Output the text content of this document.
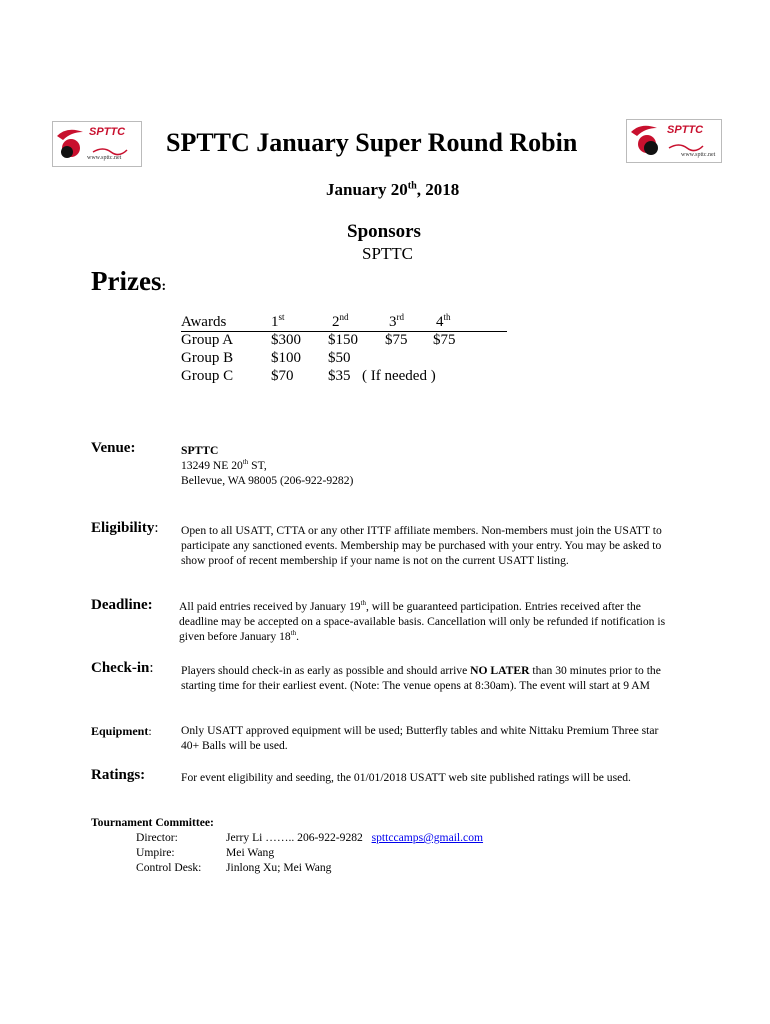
SPTTC
www.spttc.net
SPTTC
www.spttc.net
SPTTC January Super Round Robin
January 20th, 2018
Sponsors
SPTTC
Prizes:
Awards	1st	2nd	3rd 4th
Group A	$300 $150 $75 $75
Group B	$100 $50
Group C	$70 $35 ( If needed )
Venue:	SPTTC
13249 NE 20th ST,
Bellevue, WA 98005 (206-922-9282)
Eligibility: Open to all USATT, CTTA or any other ITTF affiliate members. Non-members must join the USATT to participate any sanctioned events. Membership may be purchased with your entry. You may be asked to show proof of recent membership if your name is not on the current USATT listing.
Deadline: All paid entries received by January 19th, will be guaranteed participation. Entries received after the deadline may be accepted on a space-available basis. Cancellation will only be refunded if notification is given before January 18th.
Check-in: Players should check-in as early as possible and should arrive NO LATER than 30 minutes prior to the starting time for their earliest event. (Note: The venue opens at 8:30am). The event will start at 9 AM
Equipment:	Only USATT approved equipment will be used; Butterfly tables and white Nittaku Premium Three star 40+ Balls will be used.
Ratings:	For event eligibility and seeding, the 01/01/2018 USATT web site published ratings will be used.
Tournament Committee:
Director:	Jerry Li …….. 206-922-9282 spttccamps@gmail.com
Umpire:	Mei Wang
Control Desk: Jinlong Xu; Mei Wang
